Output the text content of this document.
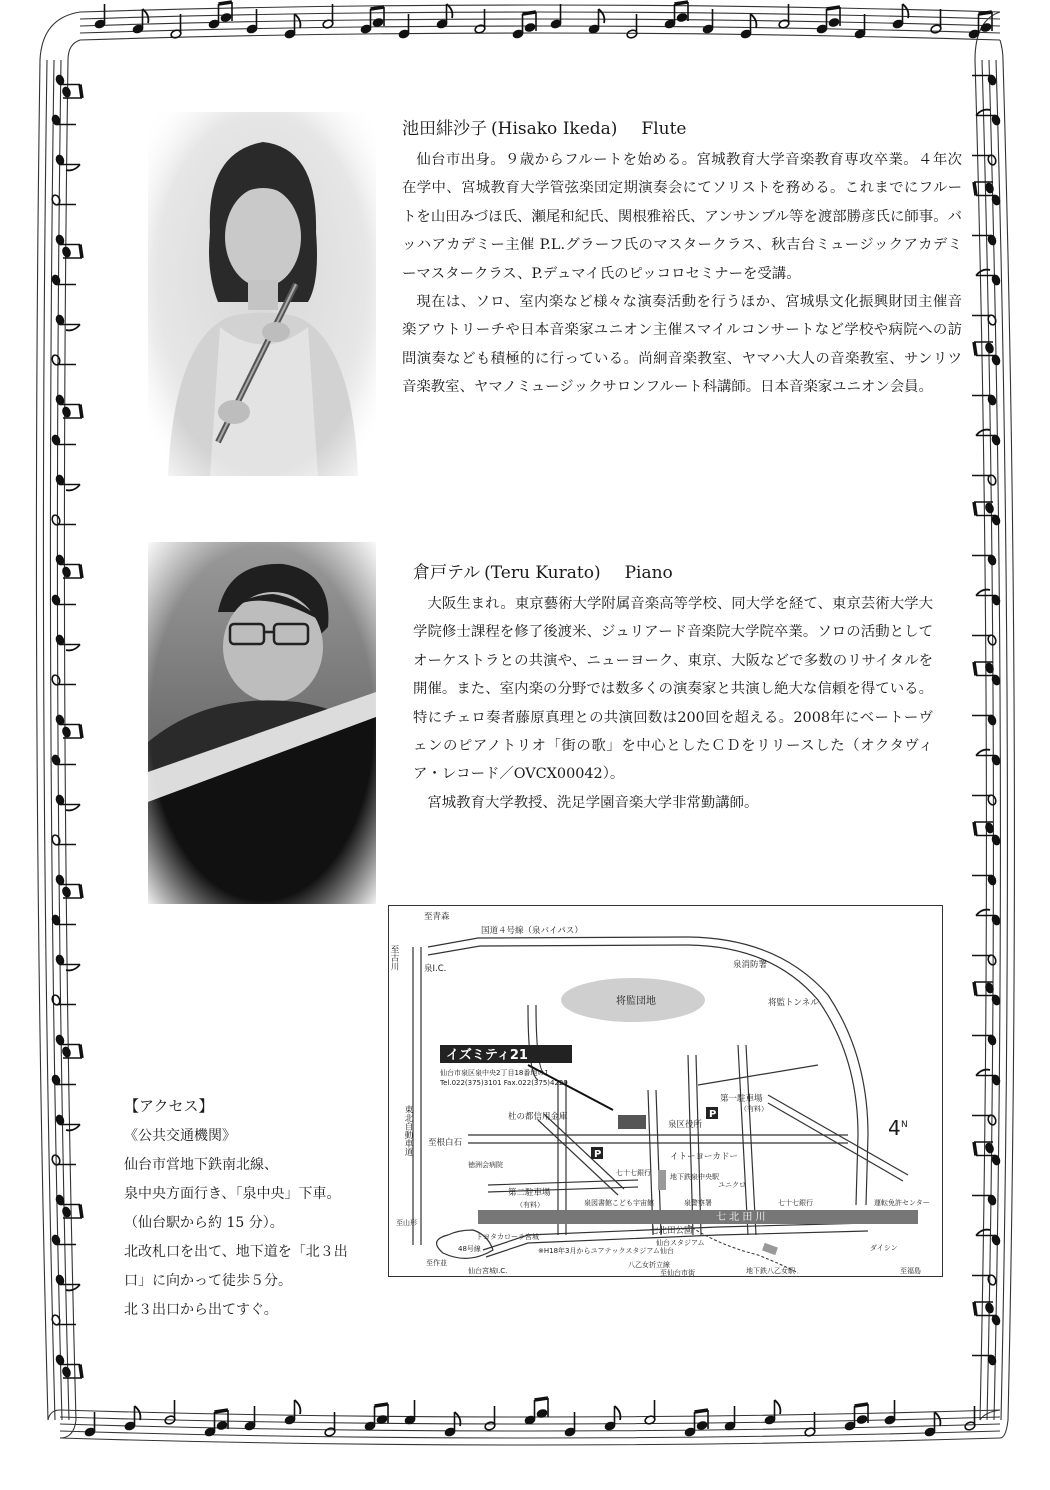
池田緋沙子 (Hisako Ikeda) Flute

仙台市出身。９歳からフルートを始める。宮城教育大学音楽教育専攻卒業。４年次在学中、宮城教育大学管弦楽団定期演奏会にてソリストを務める。これまでにフルートを山田みづほ氏、瀬尾和紀氏、関根雅裕氏、アンサンブル等を渡部勝彦氏に師事。バッハアカデミー主催 P.L.グラーフ氏のマスタークラス、秋吉台ミュージックアカデミーマスタークラス、P.デュマイ氏のピッコロセミナーを受講。

現在は、ソロ、室内楽など様々な演奏活動を行うほか、宮城県文化振興財団主催音楽アウトリーチや日本音楽家ユニオン主催スマイルコンサートなど学校や病院への訪問演奏なども積極的に行っている。尚絅音楽教室、ヤマハ大人の音楽教室、サンリツ音楽教室、ヤマノミュージックサロンフルート科講師。日本音楽家ユニオン会員。

倉戸テル (Teru Kurato) Piano

大阪生まれ。東京藝術大学附属音楽高等学校、同大学を経て、東京芸術大学大学院修士課程を修了後渡米、ジュリアード音楽院大学院卒業。ソロの活動としてオーケストラとの共演や、ニューヨーク、東京、大阪などで多数のリサイタルを開催。また、室内楽の分野では数多くの演奏家と共演し絶大な信頼を得ている。特にチェロ奏者藤原真理との共演回数は200回を超える。2008年にベートーヴェンのピアノトリオ「街の歌」を中心としたＣＤをリリースした（オクタヴィア・レコード／OVCX00042）。

宮城教育大学教授、洗足学園音楽大学非常勤講師。

【アクセス】
《公共交通機関》
仙台市営地下鉄南北線、
泉中央方面行き、「泉中央」下車。
（仙台駅から約 15 分）。
北改札口を出て、地下道を「北３出
口」に向かって徒歩５分。
北３出口から出てすぐ。
七 北 田 川
将監団地
イズミティ21
仙台市泉区泉中央2丁目18番地の1
Tel.022(375)3101 Fax.022(375)4229
P
P
4 N
至青森
国道４号線（泉バイパス）
泉I.C.	泉消防署
将監トンネル
第一駐車場
（有料）
杜の都信用金庫
泉区役所
至根白石
徳洲会病院
イトーヨーカドー
七十七銀行	地下鉄泉中央駅
ユニクロ
第二駐車場
（有料）	泉図書館こども宇宙館	泉警察署	七十七銀行	運転免許センター
七北田公園
トヨタカローラ宮城
仙台スタジアム
※H18年3月からユアテックスタジアム仙台
48号線
八乙女折立線
至作並
仙台宮城I.C.	至仙台市街	地下鉄八乙女駅
ダイシン
至福島
至山形
至古川
東北自動車道
